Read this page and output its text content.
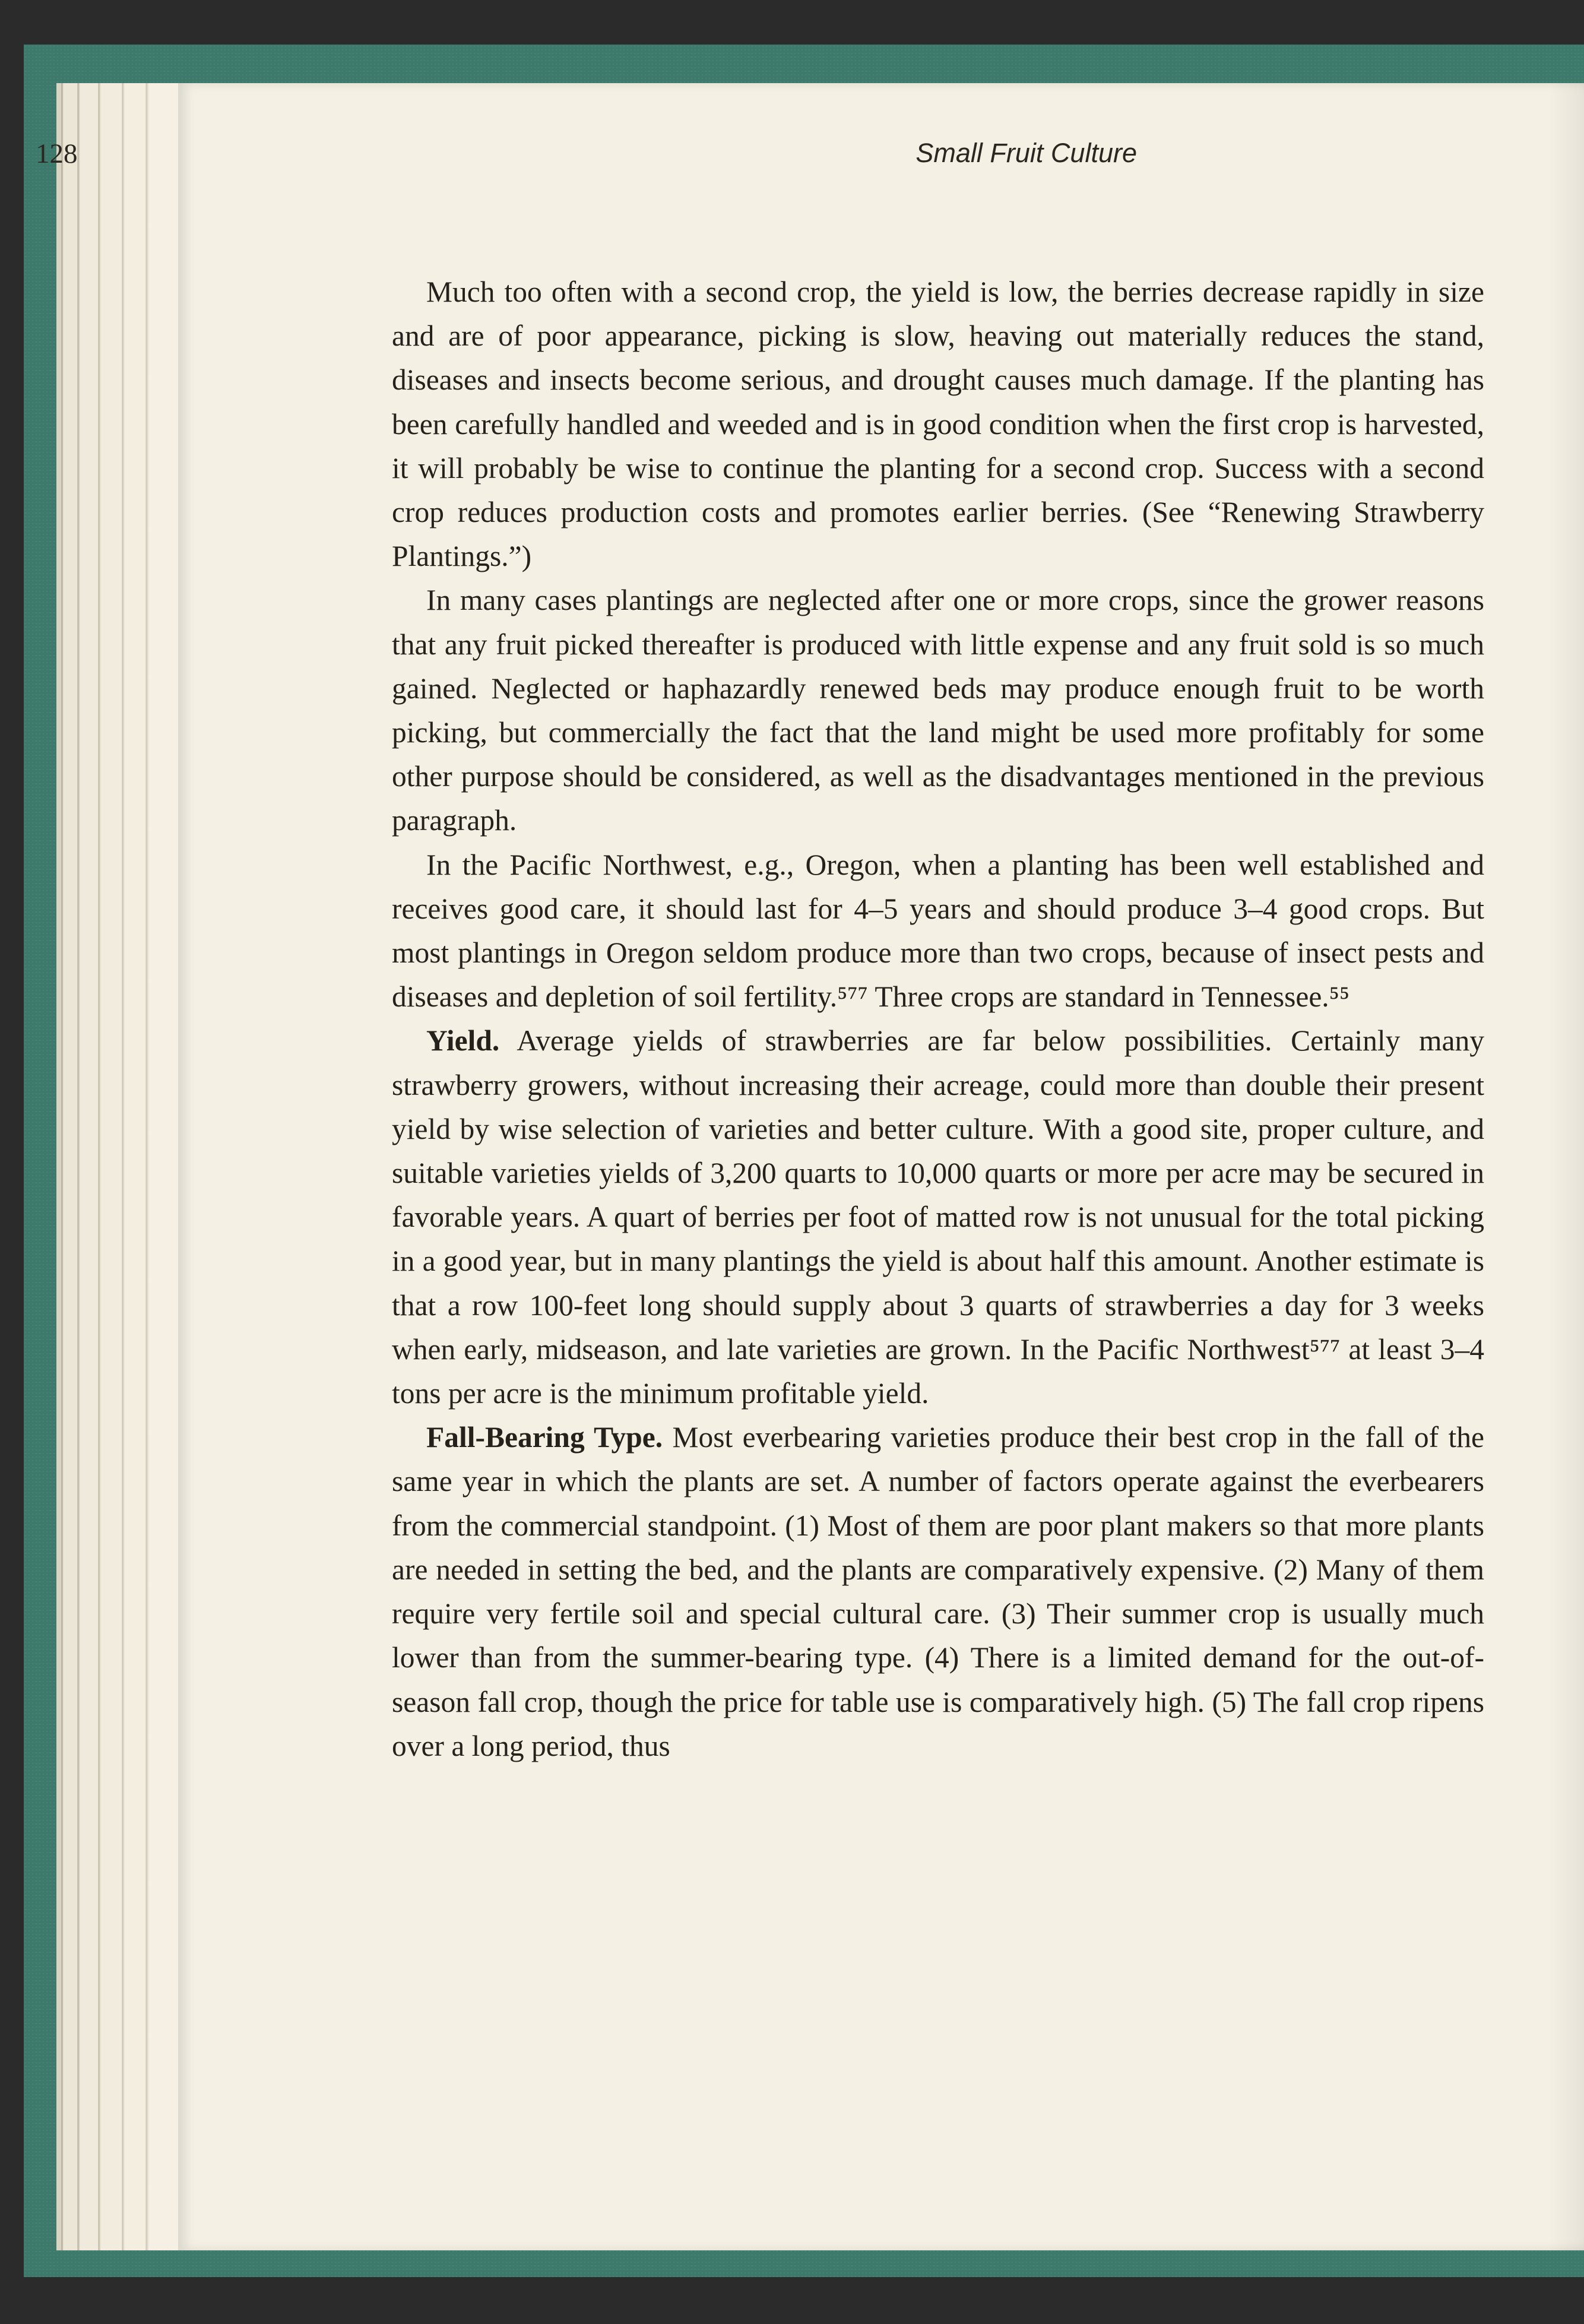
128	Small Fruit Culture

Much too often with a second crop, the yield is low, the berries decrease rapidly in size and are of poor appearance, picking is slow, heaving out materially reduces the stand, diseases and insects become serious, and drought causes much damage. If the planting has been carefully handled and weeded and is in good condition when the first crop is harvested, it will probably be wise to continue the planting for a second crop. Success with a second crop reduces production costs and promotes earlier berries. (See “Renewing Strawberry Plantings.”)

In many cases plantings are neglected after one or more crops, since the grower reasons that any fruit picked thereafter is produced with little expense and any fruit sold is so much gained. Neglected or haphazardly renewed beds may produce enough fruit to be worth picking, but commercially the fact that the land might be used more profitably for some other purpose should be considered, as well as the disadvantages mentioned in the previous paragraph.

In the Pacific Northwest, e.g., Oregon, when a planting has been well established and receives good care, it should last for 4–5 years and should produce 3–4 good crops. But most plantings in Oregon seldom produce more than two crops, because of insect pests and diseases and depletion of soil fertility.⁵⁷⁷ Three crops are standard in Tennessee.⁵⁵

Yield. Average yields of strawberries are far below possibilities. Certainly many strawberry growers, without increasing their acreage, could more than double their present yield by wise selection of varieties and better culture. With a good site, proper culture, and suitable varieties yields of 3,200 quarts to 10,000 quarts or more per acre may be secured in favorable years. A quart of berries per foot of matted row is not unusual for the total picking in a good year, but in many plantings the yield is about half this amount. Another estimate is that a row 100-feet long should supply about 3 quarts of strawberries a day for 3 weeks when early, midseason, and late varieties are grown. In the Pacific Northwest⁵⁷⁷ at least 3–4 tons per acre is the minimum profitable yield.

Fall-Bearing Type. Most everbearing varieties produce their best crop in the fall of the same year in which the plants are set. A number of factors operate against the everbearers from the commercial standpoint. (1) Most of them are poor plant makers so that more plants are needed in setting the bed, and the plants are comparatively expensive. (2) Many of them require very fertile soil and special cultural care. (3) Their summer crop is usually much lower than from the summer-bearing type. (4) There is a limited demand for the out-of-season fall crop, though the price for table use is comparatively high. (5) The fall crop ripens over a long period, thus
